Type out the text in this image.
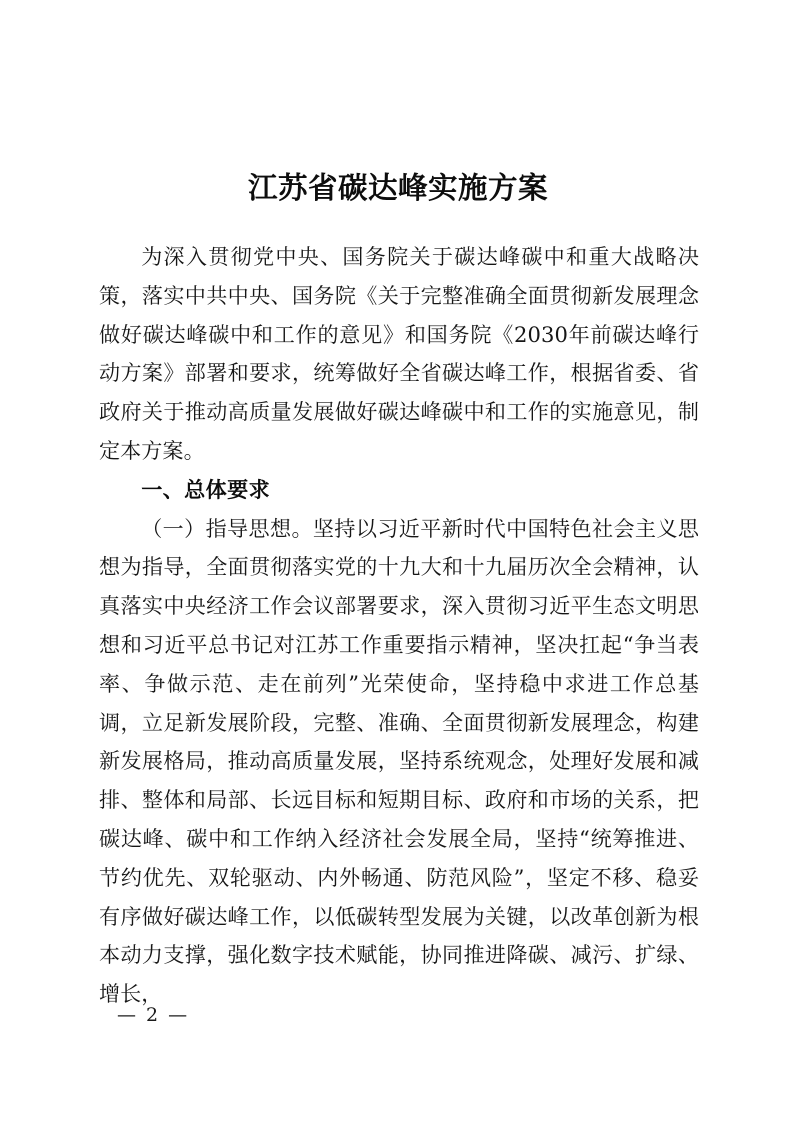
江苏省碳达峰实施方案

为深入贯彻党中央、国务院关于碳达峰碳中和重大战略决策，落实中共中央、国务院《关于完整准确全面贯彻新发展理念做好碳达峰碳中和工作的意见》和国务院《2030年前碳达峰行动方案》部署和要求，统筹做好全省碳达峰工作，根据省委、省政府关于推动高质量发展做好碳达峰碳中和工作的实施意见，制定本方案。

一、总体要求

（一）指导思想。坚持以习近平新时代中国特色社会主义思想为指导，全面贯彻落实党的十九大和十九届历次全会精神，认真落实中央经济工作会议部署要求，深入贯彻习近平生态文明思想和习近平总书记对江苏工作重要指示精神，坚决扛起“争当表率、争做示范、走在前列”光荣使命，坚持稳中求进工作总基调，立足新发展阶段，完整、准确、全面贯彻新发展理念，构建新发展格局，推动高质量发展，坚持系统观念，处理好发展和减排、整体和局部、长远目标和短期目标、政府和市场的关系，把碳达峰、碳中和工作纳入经济社会发展全局，坚持“统筹推进、节约优先、双轮驱动、内外畅通、防范风险”，坚定不移、稳妥有序做好碳达峰工作，以低碳转型发展为关键，以改革创新为根本动力支撑，强化数字技术赋能，协同推进降碳、减污、扩绿、增长，

— 2 —
